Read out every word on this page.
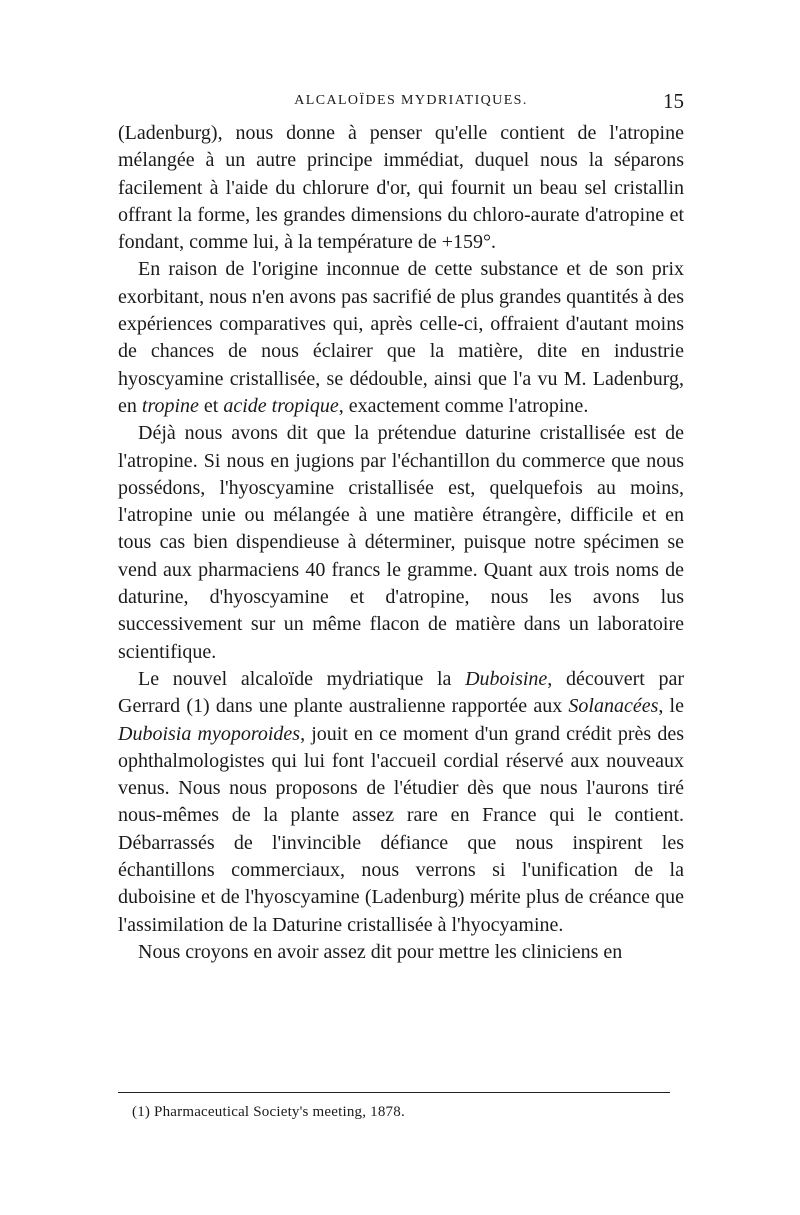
ALCALOÏDES MYDRIATIQUES.	15

(Ladenburg), nous donne à penser qu'elle contient de l'atropine mélangée à un autre principe immédiat, duquel nous la séparons facilement à l'aide du chlorure d'or, qui fournit un beau sel cristallin offrant la forme, les grandes dimensions du chloro-aurate d'atropine et fondant, comme lui, à la température de +159°.

En raison de l'origine inconnue de cette substance et de son prix exorbitant, nous n'en avons pas sacrifié de plus grandes quantités à des expériences comparatives qui, après celle-ci, offraient d'autant moins de chances de nous éclairer que la matière, dite en industrie hyoscyamine cristallisée, se dédouble, ainsi que l'a vu M. Ladenburg, en tropine et acide tropique, exactement comme l'atropine.

Déjà nous avons dit que la prétendue daturine cristallisée est de l'atropine. Si nous en jugions par l'échantillon du commerce que nous possédons, l'hyoscyamine cristallisée est, quelquefois au moins, l'atropine unie ou mélangée à une matière étrangère, difficile et en tous cas bien dispendieuse à déterminer, puisque notre spécimen se vend aux pharmaciens 40 francs le gramme. Quant aux trois noms de daturine, d'hyoscyamine et d'atropine, nous les avons lus successivement sur un même flacon de matière dans un laboratoire scientifique.

Le nouvel alcaloïde mydriatique la Duboisine, découvert par Gerrard (1) dans une plante australienne rapportée aux Solanacées, le Duboisia myoporoides, jouit en ce moment d'un grand crédit près des ophthalmologistes qui lui font l'accueil cordial réservé aux nouveaux venus. Nous nous proposons de l'étudier dès que nous l'aurons tiré nous-mêmes de la plante assez rare en France qui le contient. Débarrassés de l'invincible défiance que nous inspirent les échantillons commerciaux, nous verrons si l'unification de la duboisine et de l'hyoscyamine (Ladenburg) mérite plus de créance que l'assimilation de la Daturine cristallisée à l'hyocyamine.

Nous croyons en avoir assez dit pour mettre les cliniciens en

(1) Pharmaceutical Society's meeting, 1878.
